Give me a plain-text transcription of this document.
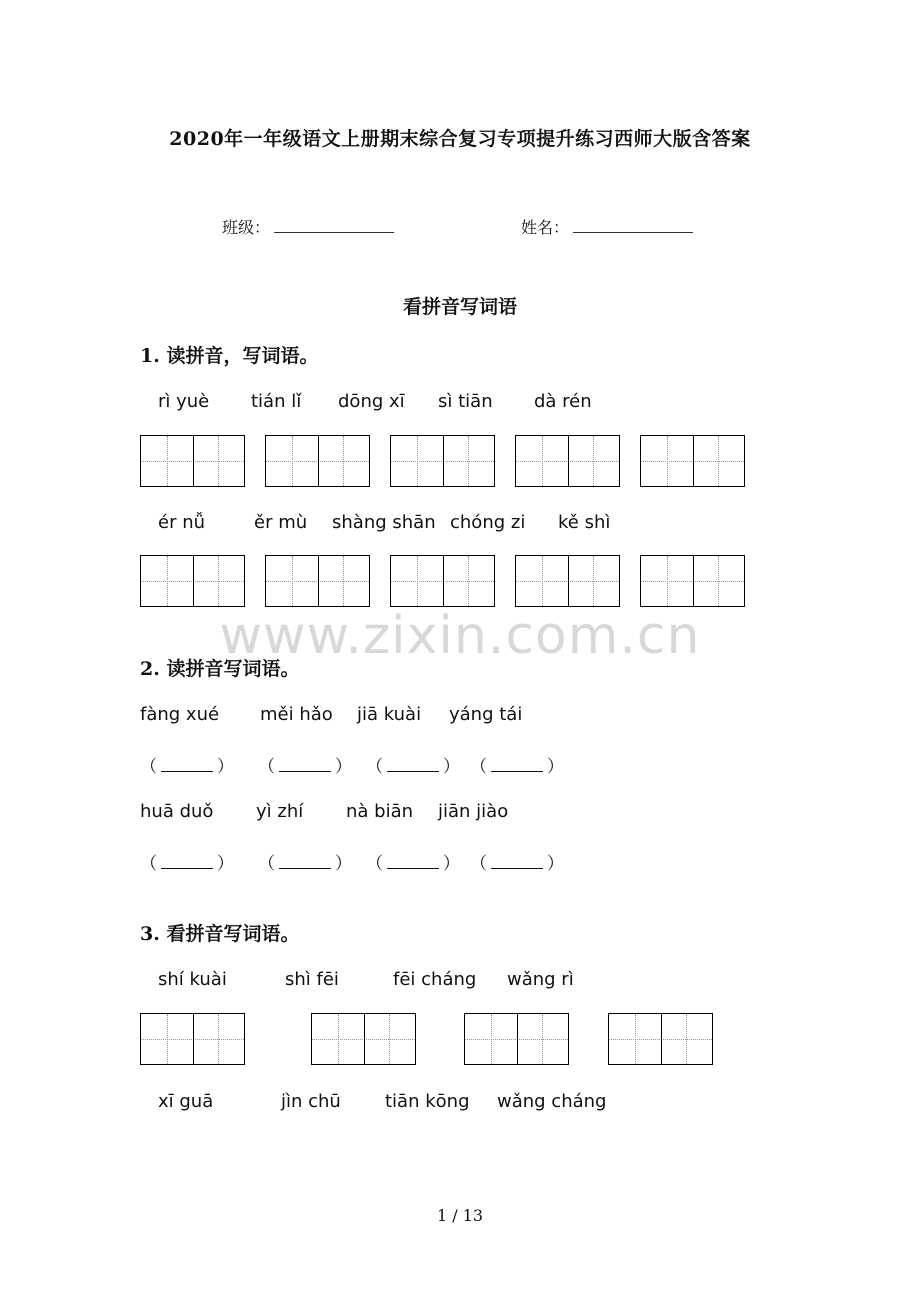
2020年一年级语文上册期末综合复习专项提升练习西师大版含答案
班级：	姓名：
看拼音写词语
1. 读拼音，写词语。
rì yuè tián lǐ dōng xī sì tiān dà rén
ér nǚ	ěr mù shàng shān chóng zi kě shì
www.zixin.com.cn
2. 读拼音写词语。
fàng xué měi hǎo jiā kuài yáng tái
（	） （	） （	） （	）
huā duǒ yì zhí nà biān jiān jiào
（	） （	） （	） （	）
3. 看拼音写词语。
shí kuài	shì fēi	fēi cháng wǎng rì
xī guā	jìn chū tiān kōng wǎng cháng
1 / 13
